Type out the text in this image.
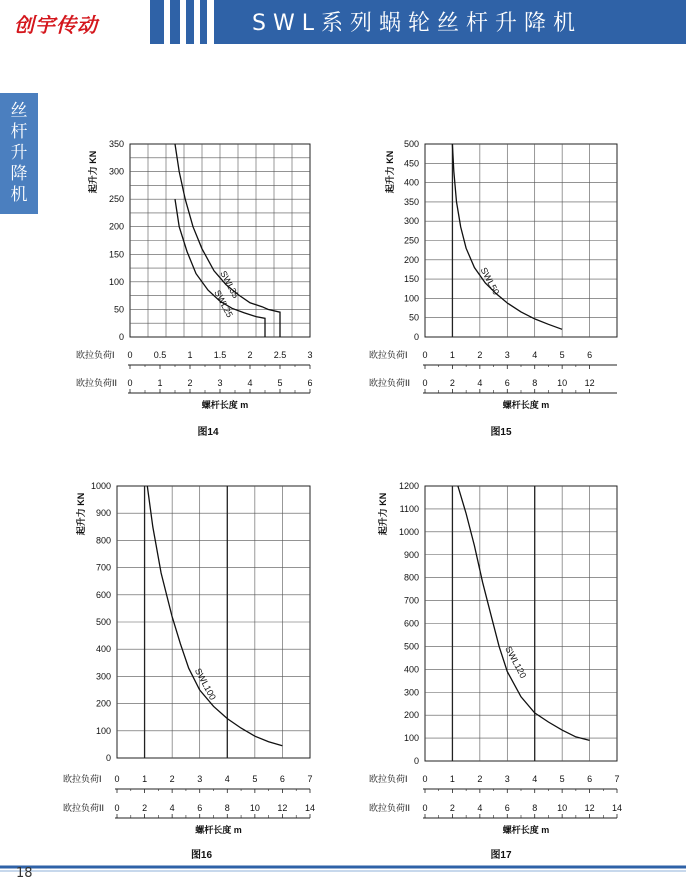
创宇传动	SWL系列蜗轮丝杆升降机
丝
杆
升
降
机
0
50
100
150
200
250
300
350
起升力 KN
欧拉负荷I 0 0.5 1 1.5 2 2.5 3
欧拉负荷II 0	1	2	3	4	5	6
螺杆长度 m
图14
SWL35
SWL25
0
50
100
150
200
250
300
350
400
450
500
起升力 KN
欧拉负荷I 0 1 2 3 4 5 6
欧拉负荷II 0 2 4 6 8 10 12
螺杆长度 m
图15
SWL50
0
100
200
300
400
500
600
700
800
900
1000
起升力 KN
欧拉负荷I 0	1	2	3	4	5	6	7
欧拉负荷II 0	2	4	6	8 10 12 14
螺杆长度 m
图16
SWL100
0
100
200
300
400
500
600
700
800
900
1000
1100
1200
起升力 KN
欧拉负荷I 0 1 2 3 4 5 6 7
欧拉负荷II 0 2 4 6 8 10 12 14
螺杆长度 m
图17
SWL120
18
